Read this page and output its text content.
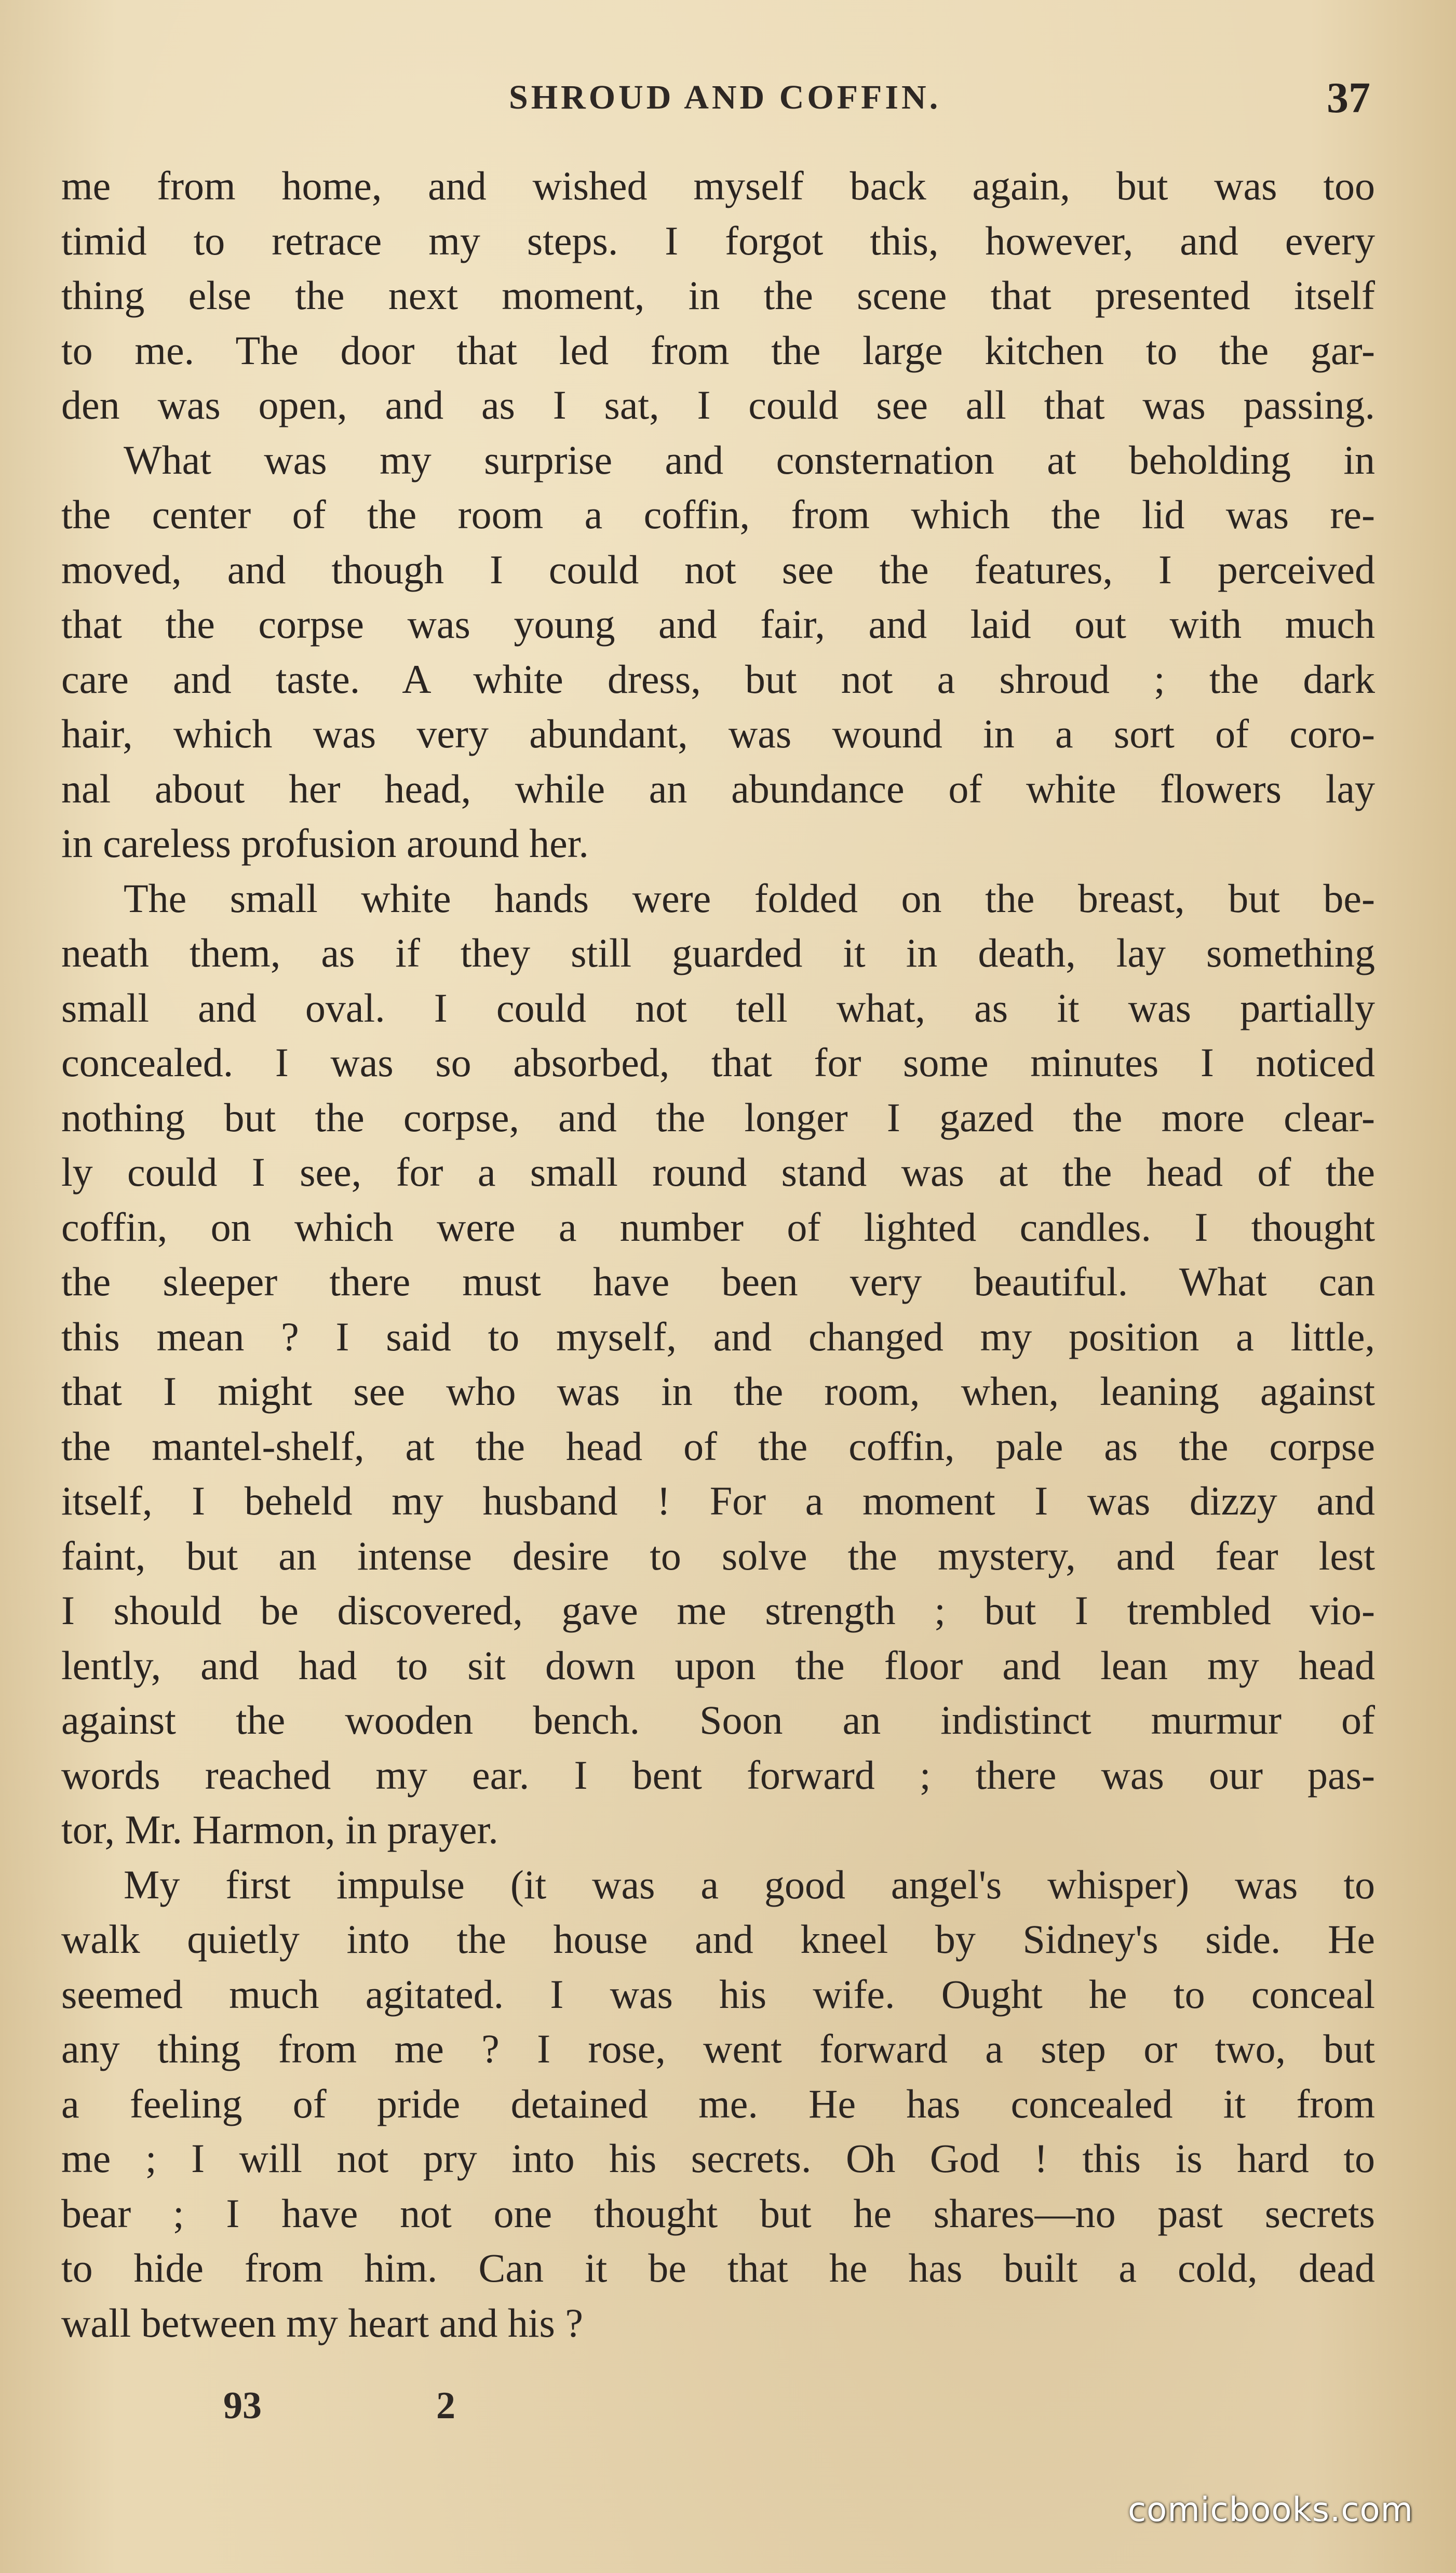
SHROUD AND COFFIN.	37
me from home, and wished myself back again, but was too
timid to retrace my steps. I forgot this, however, and every
thing else the next moment, in the scene that presented itself
to me. The door that led from the large kitchen to the gar-
den was open, and as I sat, I could see all that was passing.
What was my surprise and consternation at beholding in
the center of the room a coffin, from which the lid was re-
moved, and though I could not see the features, I perceived
that the corpse was young and fair, and laid out with much
care and taste. A white dress, but not a shroud ; the dark
hair, which was very abundant, was wound in a sort of coro-
nal about her head, while an abundance of white flowers lay
in careless profusion around her.
The small white hands were folded on the breast, but be-
neath them, as if they still guarded it in death, lay something
small and oval. I could not tell what, as it was partially
concealed. I was so absorbed, that for some minutes I noticed
nothing but the corpse, and the longer I gazed the more clear-
ly could I see, for a small round stand was at the head of the
coffin, on which were a number of lighted candles. I thought
the sleeper there must have been very beautiful. What can
this mean ? I said to myself, and changed my position a little,
that I might see who was in the room, when, leaning against
the mantel-shelf, at the head of the coffin, pale as the corpse
itself, I beheld my husband ! For a moment I was dizzy and
faint, but an intense desire to solve the mystery, and fear lest
I should be discovered, gave me strength ; but I trembled vio-
lently, and had to sit down upon the floor and lean my head
against the wooden bench. Soon an indistinct murmur of
words reached my ear. I bent forward ; there was our pas-
tor, Mr. Harmon, in prayer.
My first impulse (it was a good angel's whisper) was to
walk quietly into the house and kneel by Sidney's side. He
seemed much agitated. I was his wife. Ought he to conceal
any thing from me ? I rose, went forward a step or two, but
a feeling of pride detained me. He has concealed it from
me ; I will not pry into his secrets. Oh God ! this is hard to
bear ; I have not one thought but he shares—no past secrets
to hide from him. Can it be that he has built a cold, dead
wall between my heart and his ?
93	2
comicbooks.com
